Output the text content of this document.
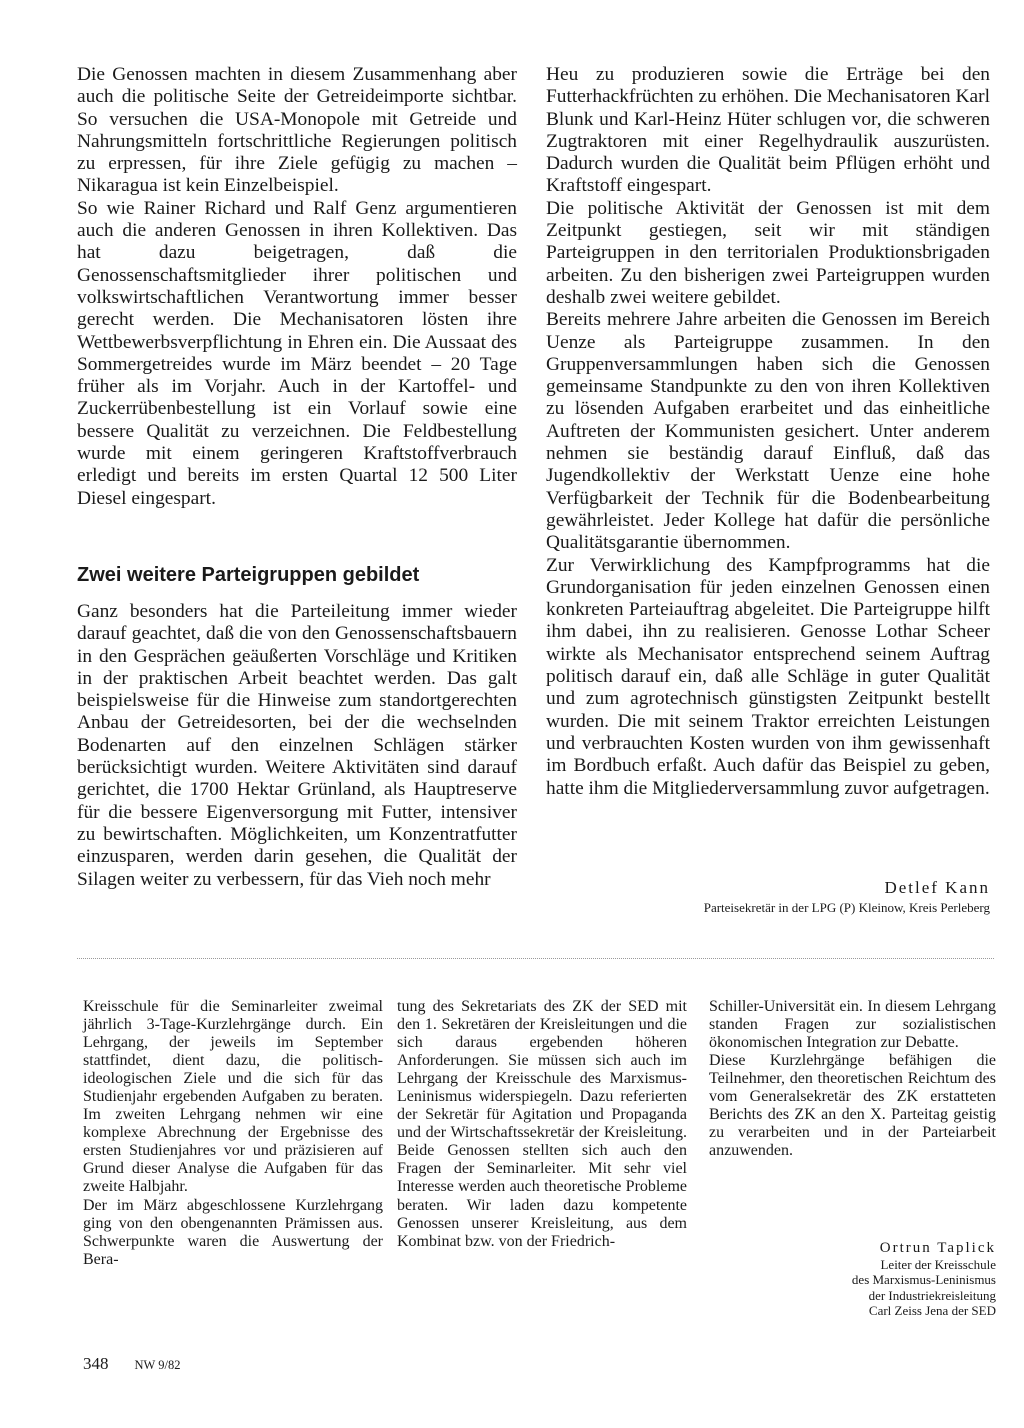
Die Genossen machten in diesem Zusammenhang aber auch die politische Seite der Getreideimporte sichtbar. So versuchen die USA-Monopole mit Getreide und Nahrungsmitteln fortschrittliche Regierungen politisch zu erpressen, für ihre Ziele gefügig zu machen – Nikaragua ist kein Einzelbeispiel.

So wie Rainer Richard und Ralf Genz argumentieren auch die anderen Genossen in ihren Kollektiven. Das hat dazu beigetragen, daß die Genossenschaftsmitglieder ihrer politischen und volkswirtschaftlichen Verantwortung immer besser gerecht werden. Die Mechanisatoren lösten ihre Wettbewerbsverpflichtung in Ehren ein. Die Aussaat des Sommergetreides wurde im März beendet – 20 Tage früher als im Vorjahr. Auch in der Kartoffel- und Zuckerrübenbestellung ist ein Vorlauf sowie eine bessere Qualität zu verzeichnen. Die Feldbestellung wurde mit einem geringeren Kraftstoffverbrauch erledigt und bereits im ersten Quartal 12 500 Liter Diesel eingespart.

Zwei weitere Parteigruppen gebildet

Ganz besonders hat die Parteileitung immer wieder darauf geachtet, daß die von den Genossenschaftsbauern in den Gesprächen geäußerten Vorschläge und Kritiken in der praktischen Arbeit beachtet werden. Das galt beispielsweise für die Hinweise zum standortgerechten Anbau der Getreidesorten, bei der die wechselnden Bodenarten auf den einzelnen Schlägen stärker berücksichtigt wurden. Weitere Aktivitäten sind darauf gerichtet, die 1700 Hektar Grünland, als Hauptreserve für die bessere Eigenversorgung mit Futter, intensiver zu bewirtschaften. Möglichkeiten, um Konzentratfutter einzusparen, werden darin gesehen, die Qualität der Silagen weiter zu verbessern, für das Vieh noch mehr

Heu zu produzieren sowie die Erträge bei den Futterhackfrüchten zu erhöhen. Die Mechanisatoren Karl Blunk und Karl-Heinz Hüter schlugen vor, die schweren Zugtraktoren mit einer Regelhydraulik auszurüsten. Dadurch wurden die Qualität beim Pflügen erhöht und Kraftstoff eingespart.

Die politische Aktivität der Genossen ist mit dem Zeitpunkt gestiegen, seit wir mit ständigen Parteigruppen in den territorialen Produktionsbrigaden arbeiten. Zu den bisherigen zwei Parteigruppen wurden deshalb zwei weitere gebildet.

Bereits mehrere Jahre arbeiten die Genossen im Bereich Uenze als Parteigruppe zusammen. In den Gruppenversammlungen haben sich die Genossen gemeinsame Standpunkte zu den von ihren Kollektiven zu lösenden Aufgaben erarbeitet und das einheitliche Auftreten der Kommunisten gesichert. Unter anderem nehmen sie beständig darauf Einfluß, daß das Jugendkollektiv der Werkstatt Uenze eine hohe Verfügbarkeit der Technik für die Bodenbearbeitung gewährleistet. Jeder Kollege hat dafür die persönliche Qualitätsgarantie übernommen.

Zur Verwirklichung des Kampfprogramms hat die Grundorganisation für jeden einzelnen Genossen einen konkreten Parteiauftrag abgeleitet. Die Parteigruppe hilft ihm dabei, ihn zu realisieren. Genosse Lothar Scheer wirkte als Mechanisator entsprechend seinem Auftrag politisch darauf ein, daß alle Schläge in guter Qualität und zum agrotechnisch günstigsten Zeitpunkt bestellt wurden. Die mit seinem Traktor erreichten Leistungen und verbrauchten Kosten wurden von ihm gewissenhaft im Bordbuch erfaßt. Auch dafür das Beispiel zu geben, hatte ihm die Mitgliederversammlung zuvor aufgetragen.

Detlef Kann
Parteisekretär in der LPG (P) Kleinow, Kreis Perleberg

Kreisschule für die Seminarleiter zweimal jährlich 3-Tage-Kurzlehrgänge durch. Ein Lehrgang, der jeweils im September stattfindet, dient dazu, die politisch-ideologischen Ziele und die sich für das Studienjahr ergebenden Aufgaben zu beraten. Im zweiten Lehrgang nehmen wir eine komplexe Abrechnung der Ergebnisse des ersten Studienjahres vor und präzisieren auf Grund dieser Analyse die Aufgaben für das zweite Halbjahr.

Der im März abgeschlossene Kurzlehrgang ging von den obengenannten Prämissen aus. Schwerpunkte waren die Auswertung der Bera-

tung des Sekretariats des ZK der SED mit den 1. Sekretären der Kreisleitungen und die sich daraus ergebenden höheren Anforderungen. Sie müssen sich auch im Lehrgang der Kreisschule des Marxismus-Leninismus widerspiegeln. Dazu referierten der Sekretär für Agitation und Propaganda und der Wirtschaftssekretär der Kreisleitung. Beide Genossen stellten sich auch den Fragen der Seminarleiter. Mit sehr viel Interesse werden auch theoretische Probleme beraten. Wir laden dazu kompetente Genossen unserer Kreisleitung, aus dem Kombinat bzw. von der Friedrich-

Schiller-Universität ein. In diesem Lehrgang standen Fragen zur sozialistischen ökonomischen Integration zur Debatte.

Diese Kurzlehrgänge befähigen die Teilnehmer, den theoretischen Reichtum des vom Generalsekretär des ZK erstatteten Berichts des ZK an den X. Parteitag geistig zu verarbeiten und in der Parteiarbeit anzuwenden.

Ortrun Taplick
Leiter der Kreisschule
des Marxismus-Leninismus
der Industriekreisleitung
Carl Zeiss Jena der SED
348 NW 9/82
